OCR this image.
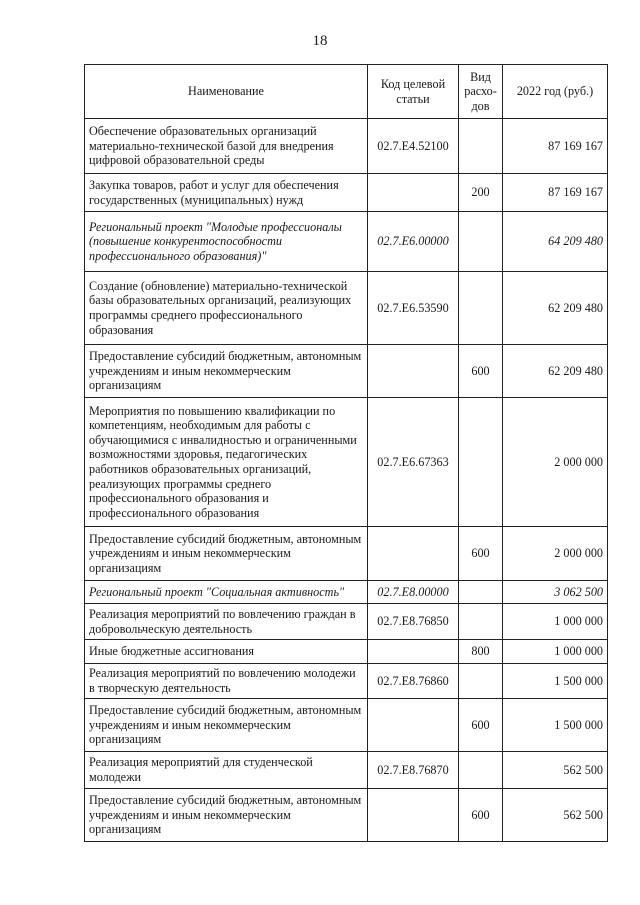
18
Наименование	Код целевой статьи	Вид расхо-дов	2022 год (руб.)
Обеспечение образовательных организаций материально-технической базой для внедрения цифровой образовательной среды	02.7.Е4.52100		87 169 167
Закупка товаров, работ и услуг для обеспечения государственных (муниципальных) нужд		200	87 169 167
Региональный проект "Молодые профессионалы (повышение конкурентоспособности профессионального образования)"	02.7.Е6.00000		64 209 480
Создание (обновление) материально-технической базы образовательных организаций, реализующих программы среднего профессионального образования	02.7.Е6.53590		62 209 480
Предоставление субсидий бюджетным, автономным учреждениям и иным некоммерческим организациям		600	62 209 480
Мероприятия по повышению квалификации по компетенциям, необходимым для работы с обучающимися с инвалидностью и ограниченными возможностями здоровья, педагогических работников образовательных организаций, реализующих программы среднего профессионального образования и профессионального образования	02.7.Е6.67363		2 000 000
Предоставление субсидий бюджетным, автономным учреждениям и иным некоммерческим организациям		600	2 000 000
Региональный проект "Социальная активность"	02.7.Е8.00000		3 062 500
Реализация мероприятий по вовлечению граждан в добровольческую деятельность	02.7.Е8.76850		1 000 000
Иные бюджетные ассигнования		800	1 000 000
Реализация мероприятий по вовлечению молодежи в творческую деятельность	02.7.Е8.76860		1 500 000
Предоставление субсидий бюджетным, автономным учреждениям и иным некоммерческим организациям		600	1 500 000
Реализация мероприятий для студенческой молодежи	02.7.Е8.76870		562 500
Предоставление субсидий бюджетным, автономным учреждениям и иным некоммерческим организациям		600	562 500
